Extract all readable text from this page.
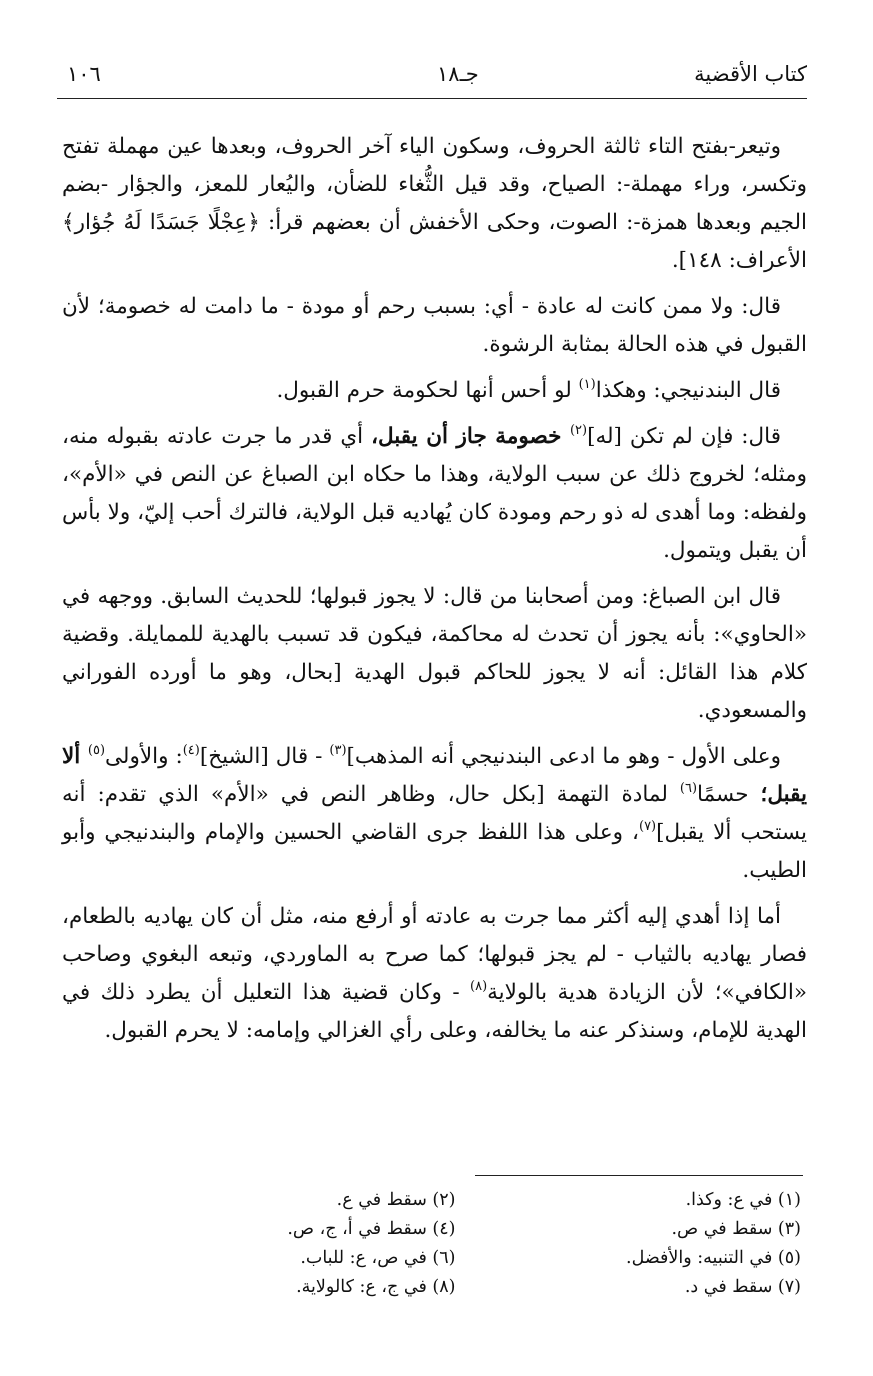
١٠٦	جـ١٨	كتاب الأقضية

وتيعر-بفتح التاء ثالثة الحروف، وسكون الياء آخر الحروف، وبعدها عين مهملة تفتح وتكسر، وراء مهملة-: الصياح، وقد قيل الثُّغاء للضأن، واليُعار للمعز، والجؤار -بضم الجيم وبعدها همزة-: الصوت، وحكى الأخفش أن بعضهم قرأ: ﴿عِجْلًا جَسَدًا لَهُ جُؤار﴾ الأعراف: ١٤٨].

قال: ولا ممن كانت له عادة - أي: بسبب رحم أو مودة - ما دامت له خصومة؛ لأن القبول في هذه الحالة بمثابة الرشوة.

قال البندنيجي: وهكذا$^{(١)}$ لو أحس أنها لحكومة حرم القبول.

قال: فإن لم تكن [له]$^{(٢)}$ خصومة جاز أن يقبل، أي قدر ما جرت عادته بقبوله منه، ومثله؛ لخروج ذلك عن سبب الولاية، وهذا ما حكاه ابن الصباغ عن النص في «الأم»، ولفظه: وما أهدى له ذو رحم ومودة كان يُهاديه قبل الولاية، فالترك أحب إليّ، ولا بأس أن يقبل ويتمول.

قال ابن الصباغ: ومن أصحابنا من قال: لا يجوز قبولها؛ للحديث السابق. ووجهه في «الحاوي»: بأنه يجوز أن تحدث له محاكمة، فيكون قد تسبب بالهدية للممايلة. وقضية كلام هذا القائل: أنه لا يجوز للحاكم قبول الهدية [بحال، وهو ما أورده الفوراني والمسعودي.

وعلى الأول - وهو ما ادعى البندنيجي أنه المذهب]$^{(٣)}$ - قال [الشيخ]$^{(٤)}$: والأولى$^{(٥)}$ ألا يقبل؛ حسمًا$^{(٦)}$ لمادة التهمة [بكل حال، وظاهر النص في «الأم» الذي تقدم: أنه يستحب ألا يقبل]$^{(٧)}$، وعلى هذا اللفظ جرى القاضي الحسين والإمام والبندنيجي وأبو الطيب.

أما إذا أهدي إليه أكثر مما جرت به عادته أو أرفع منه، مثل أن كان يهاديه بالطعام، فصار يهاديه بالثياب - لم يجز قبولها؛ كما صرح به الماوردي، وتبعه البغوي وصاحب «الكافي»؛ لأن الزيادة هدية بالولاية$^{(٨)}$ - وكان قضية هذا التعليل أن يطرد ذلك في الهدية للإمام، وسنذكر عنه ما يخالفه، وعلى رأي الغزالي وإمامه: لا يحرم القبول.

(١) في ع: وكذا.
(٣) سقط في ص.
(٥) في التنبيه: والأفضل.
(٧) سقط في د.
(٢) سقط في ع.
(٤) سقط في أ، ج، ص.
(٦) في ص، ع: للباب.
(٨) في ج، ع: كالولاية.
